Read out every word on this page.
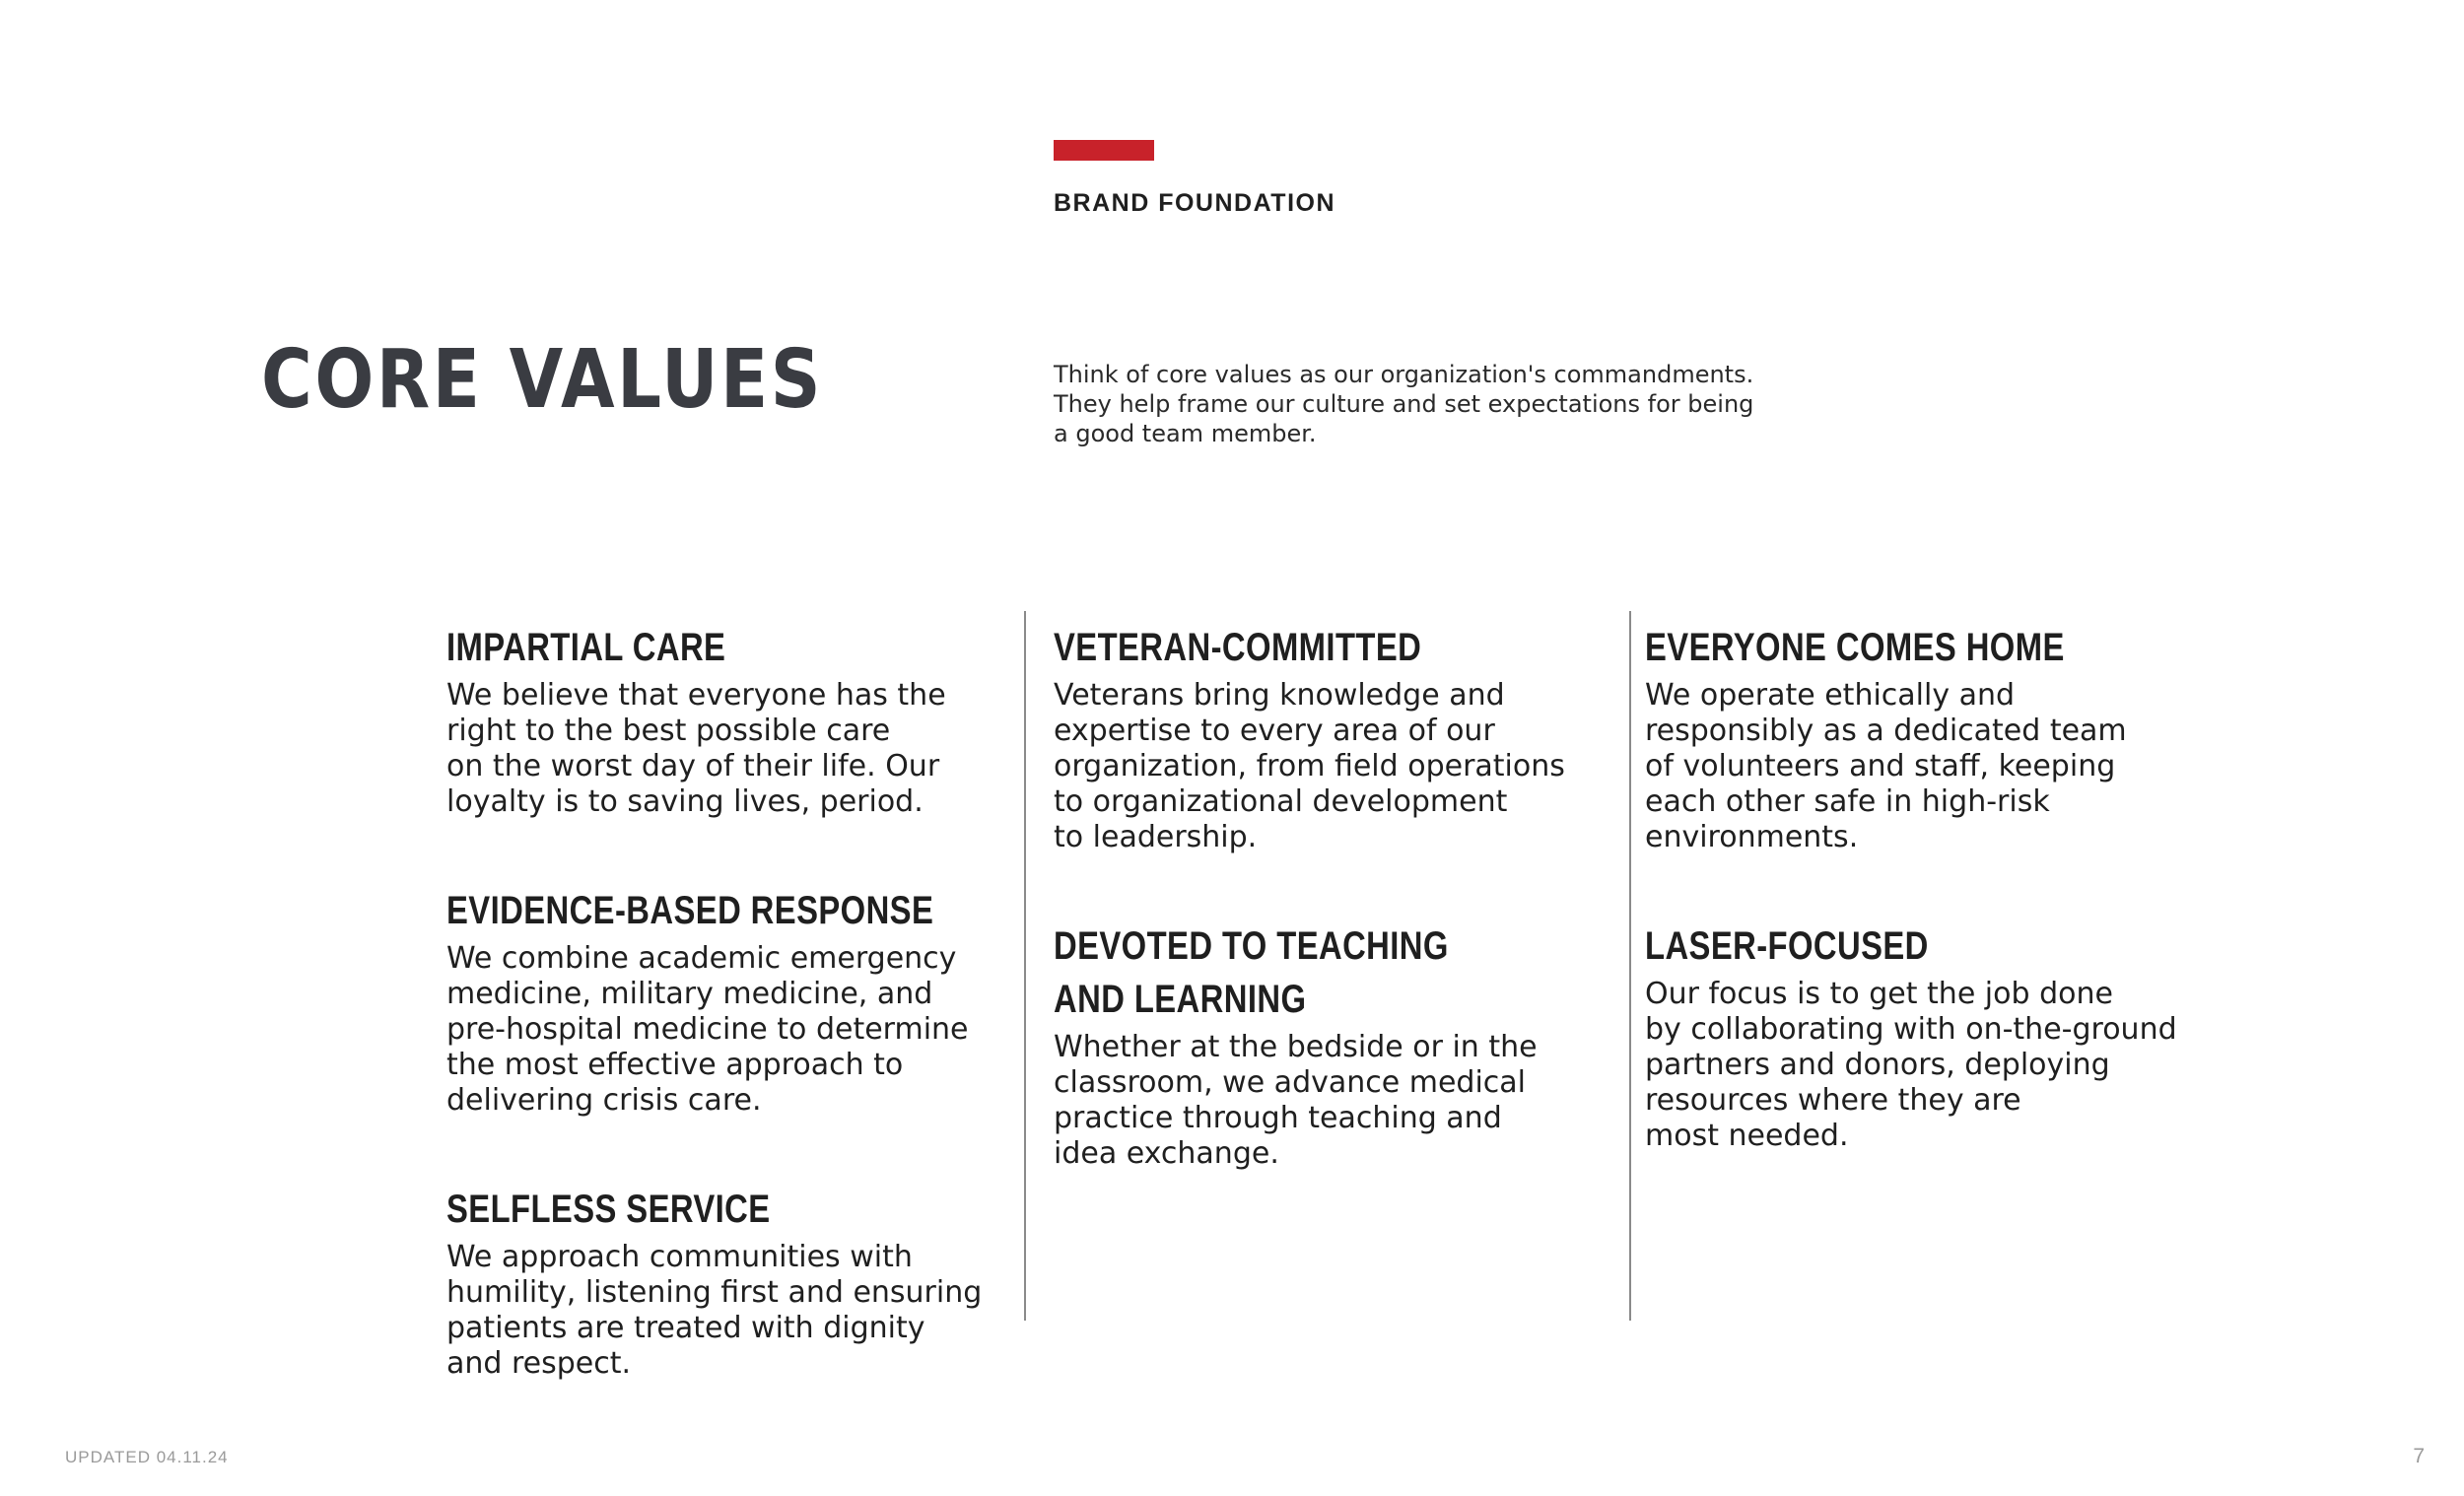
BRAND FOUNDATION
CORE VALUES	Think of core values as our organization's commandments.
They help frame our culture and set expectations for being
a good team member.
IMPARTIAL CARE
We believe that everyone has the
right to the best possible care
on the worst day of their life. Our
loyalty is to saving lives, period.
EVIDENCE-BASED RESPONSE
We combine academic emergency
medicine, military medicine, and
pre-hospital medicine to determine
the most effective approach to
delivering crisis care.
SELFLESS SERVICE
We approach communities with
humility, listening first and ensuring
patients are treated with dignity
and respect.
VETERAN-COMMITTED
Veterans bring knowledge and
expertise to every area of our
organization, from field operations
to organizational development
to leadership.
DEVOTED TO TEACHING
AND LEARNING
Whether at the bedside or in the
classroom, we advance medical
practice through teaching and
idea exchange.
EVERYONE COMES HOME
We operate ethically and
responsibly as a dedicated team
of volunteers and staff, keeping
each other safe in high-risk
environments.
LASER-FOCUSED
Our focus is to get the job done
by collaborating with on-the-ground
partners and donors, deploying
resources where they are
most needed.
UPDATED 04.11.24	7
